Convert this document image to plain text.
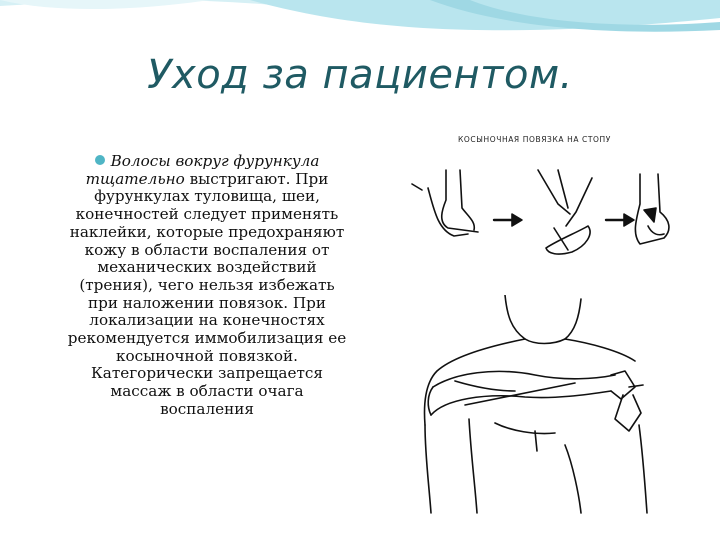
Уход за пациентом.
Волосы вокруг фурункула тщательно выстригают. При фурункулах туловища, шеи, конечностей следует применять наклейки, которые предохраняют кожу в области воспаления от механических воздействий (трения), чего нельзя избежать при наложении повязок. При локализации на конечностях рекомендуется иммобилизация ее косыночной повязкой. Категорически запрещается массаж в области очага воспаления
КОСЫНОЧНАЯ ПОВЯЗКА НА СТОПУ
